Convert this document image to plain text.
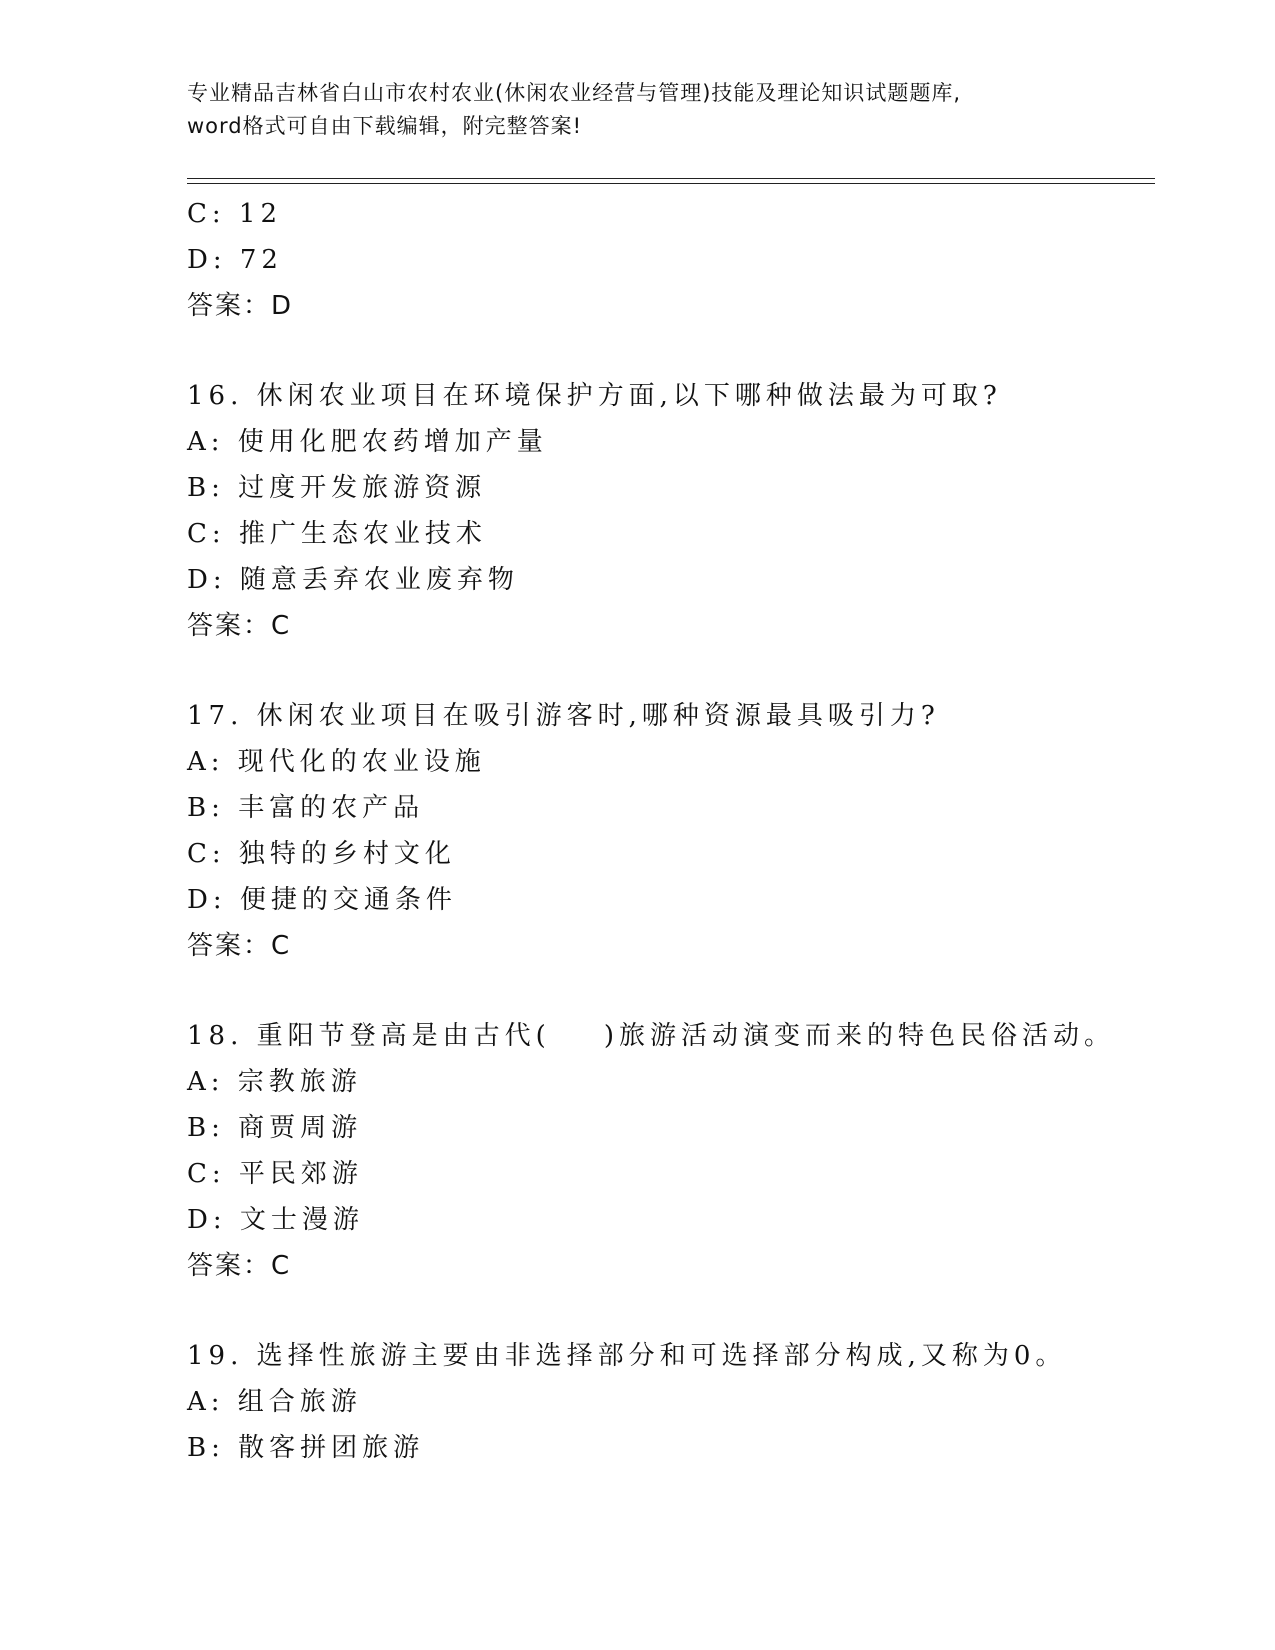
专业精品吉林省白山市农村农业(休闲农业经营与管理)技能及理论知识试题题库,
word格式可自由下载编辑，附完整答案!
C: 12
D: 72
答案：D
16. 休闲农业项目在环境保护方面,以下哪种做法最为可取?
A: 使用化肥农药增加产量
B: 过度开发旅游资源
C: 推广生态农业技术
D: 随意丢弃农业废弃物
答案：C
17. 休闲农业项目在吸引游客时,哪种资源最具吸引力?
A: 现代化的农业设施
B: 丰富的农产品
C: 独特的乡村文化
D: 便捷的交通条件
答案：C
18. 重阳节登高是由古代(    )旅游活动演变而来的特色民俗活动。
A: 宗教旅游
B: 商贾周游
C: 平民郊游
D: 文士漫游
答案：C
19. 选择性旅游主要由非选择部分和可选择部分构成,又称为0。
A: 组合旅游
B: 散客拼团旅游
